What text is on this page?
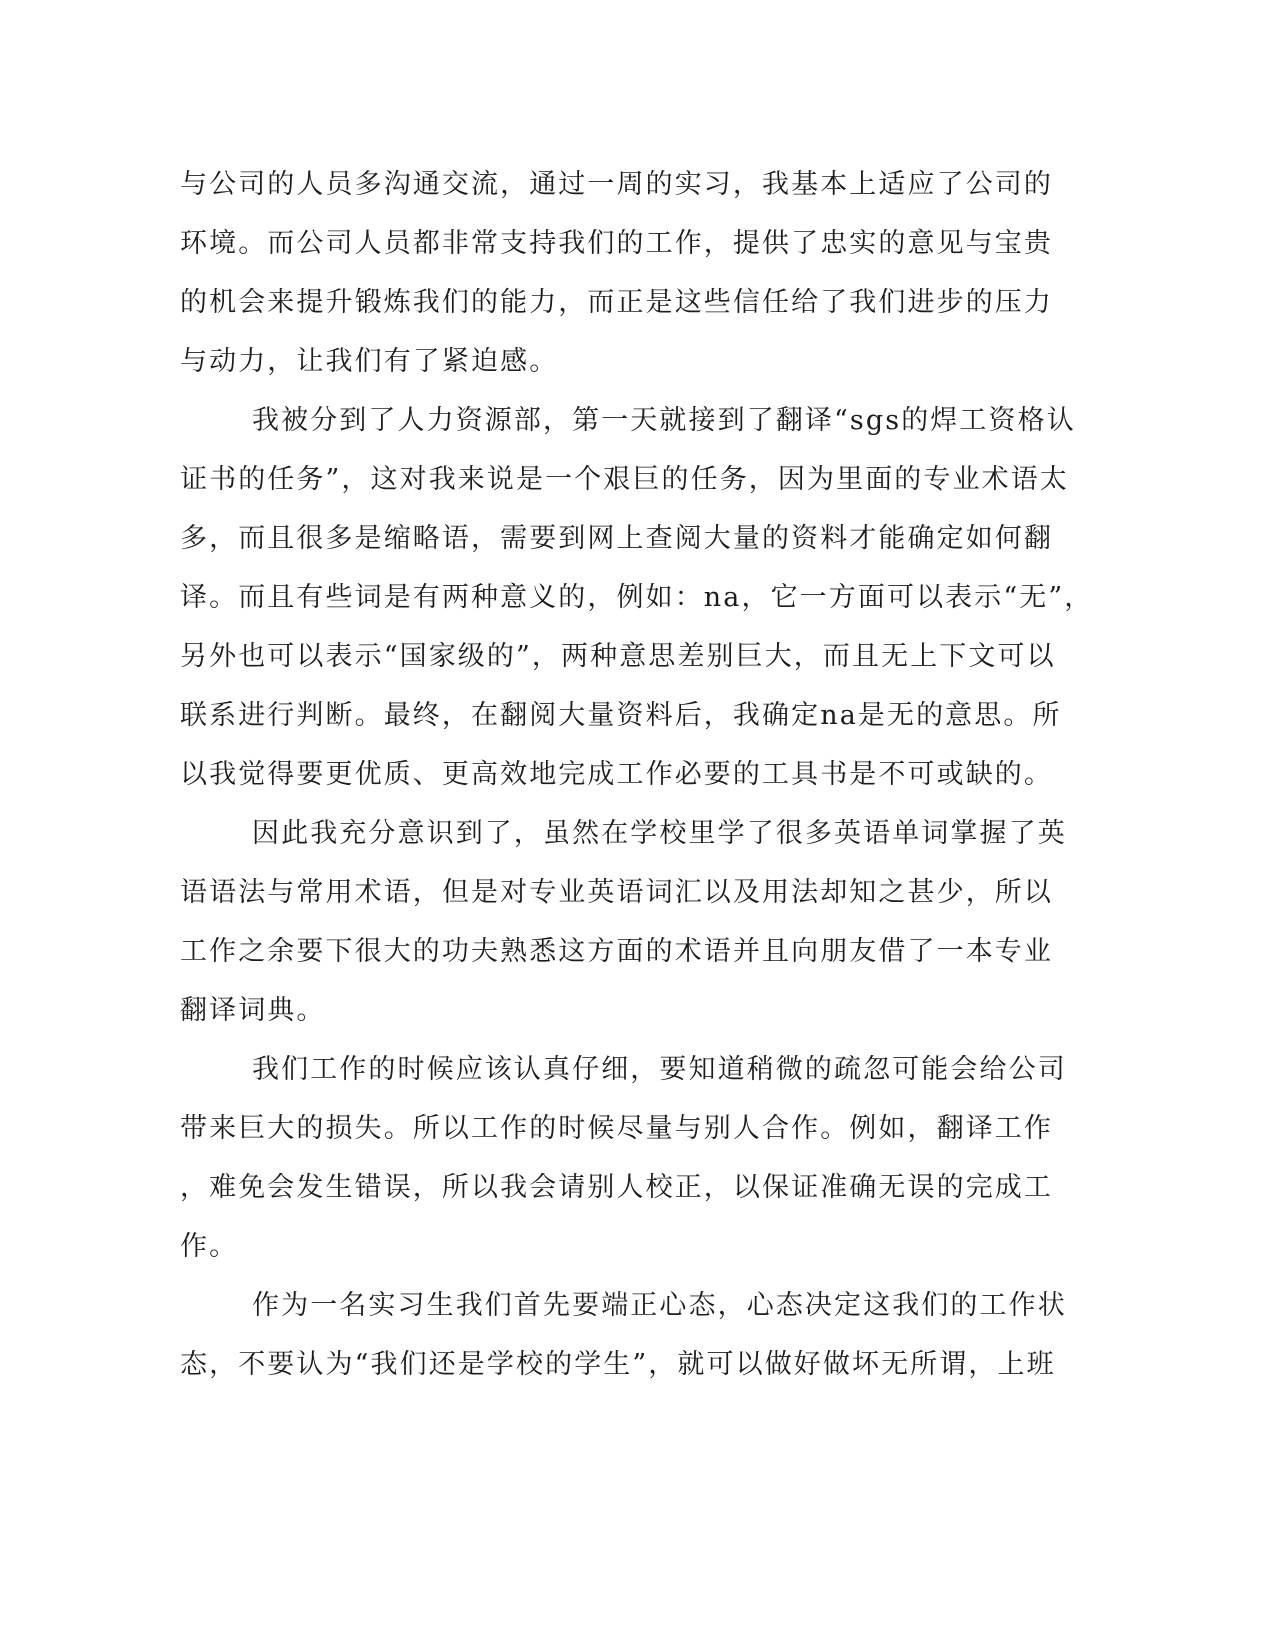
与公司的人员多沟通交流，通过一周的实习，我基本上适应了公司的
环境。而公司人员都非常支持我们的工作，提供了忠实的意见与宝贵
的机会来提升锻炼我们的能力，而正是这些信任给了我们进步的压力
与动力，让我们有了紧迫感。
我被分到了人力资源部，第一天就接到了翻译“sgs的焊工资格认
证书的任务”，这对我来说是一个艰巨的任务，因为里面的专业术语太
多，而且很多是缩略语，需要到网上查阅大量的资料才能确定如何翻
译。而且有些词是有两种意义的，例如：na，它一方面可以表示“无”，
另外也可以表示“国家级的”，两种意思差别巨大，而且无上下文可以
联系进行判断。最终，在翻阅大量资料后，我确定na是无的意思。所
以我觉得要更优质、更高效地完成工作必要的工具书是不可或缺的。
因此我充分意识到了，虽然在学校里学了很多英语单词掌握了英
语语法与常用术语，但是对专业英语词汇以及用法却知之甚少，所以
工作之余要下很大的功夫熟悉这方面的术语并且向朋友借了一本专业
翻译词典。
我们工作的时候应该认真仔细，要知道稍微的疏忽可能会给公司
带来巨大的损失。所以工作的时候尽量与别人合作。例如，翻译工作
，难免会发生错误，所以我会请别人校正，以保证准确无误的完成工
作。
作为一名实习生我们首先要端正心态，心态决定这我们的工作状
态，不要认为“我们还是学校的学生”，就可以做好做坏无所谓，上班
